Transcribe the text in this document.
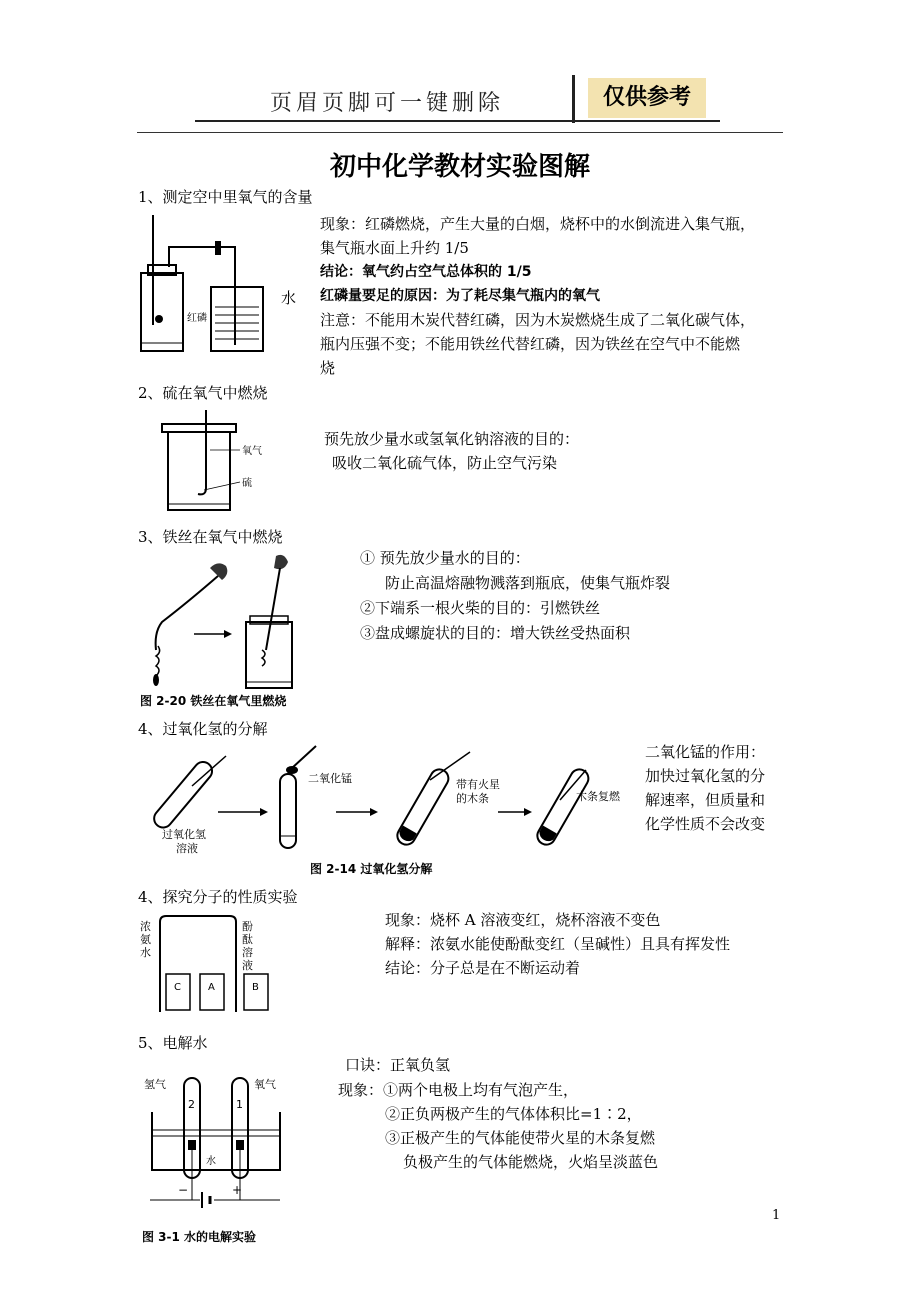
页眉页脚可一键删除	仅供参考
初中化学教材实验图解
1、测定空中里氧气的含量
红磷
水
现象：红磷燃烧，产生大量的白烟，烧杯中的水倒流进入集气瓶，
集气瓶水面上升约 1/5
结论：氧气约占空气总体积的 1/5
红磷量要足的原因：为了耗尽集气瓶内的氧气
注意：不能用木炭代替红磷，因为木炭燃烧生成了二氧化碳气体，
瓶内压强不变；不能用铁丝代替红磷，因为铁丝在空气中不能燃
烧
2、硫在氧气中燃烧
氧气
硫
预先放少量水或氢氧化钠溶液的目的：
吸收二氧化硫气体，防止空气污染
3、铁丝在氧气中燃烧
图 2-20 铁丝在氧气里燃烧
① 预先放少量水的目的：
防止高温熔融物溅落到瓶底，使集气瓶炸裂
②下端系一根火柴的目的：引燃铁丝
③盘成螺旋状的目的：增大铁丝受热面积
4、过氧化氢的分解
过氧化氢
溶液
二氧化锰	带有火星
的木条	木条复燃
图 2-14 过氧化氢分解
二氧化锰的作用：
加快过氧化氢的分
解速率，但质量和
化学性质不会改变
4、探究分子的性质实验
C	A	B
浓
氨
水
酚
酞
溶
液
现象：烧杯 A 溶液变红，烧杯溶液不变色
解释：浓氨水能使酚酞变红（呈碱性）且具有挥发性
结论：分子总是在不断运动着
5、电解水
氢气	氧气
2	1
水
−	+
图 3-1 水的电解实验
口诀：正氧负氢
现象：①两个电极上均有气泡产生，
②正负两极产生的气体体积比=1∶2，
③正极产生的气体能使带火星的木条复燃
负极产生的气体能燃烧，火焰呈淡蓝色
1
